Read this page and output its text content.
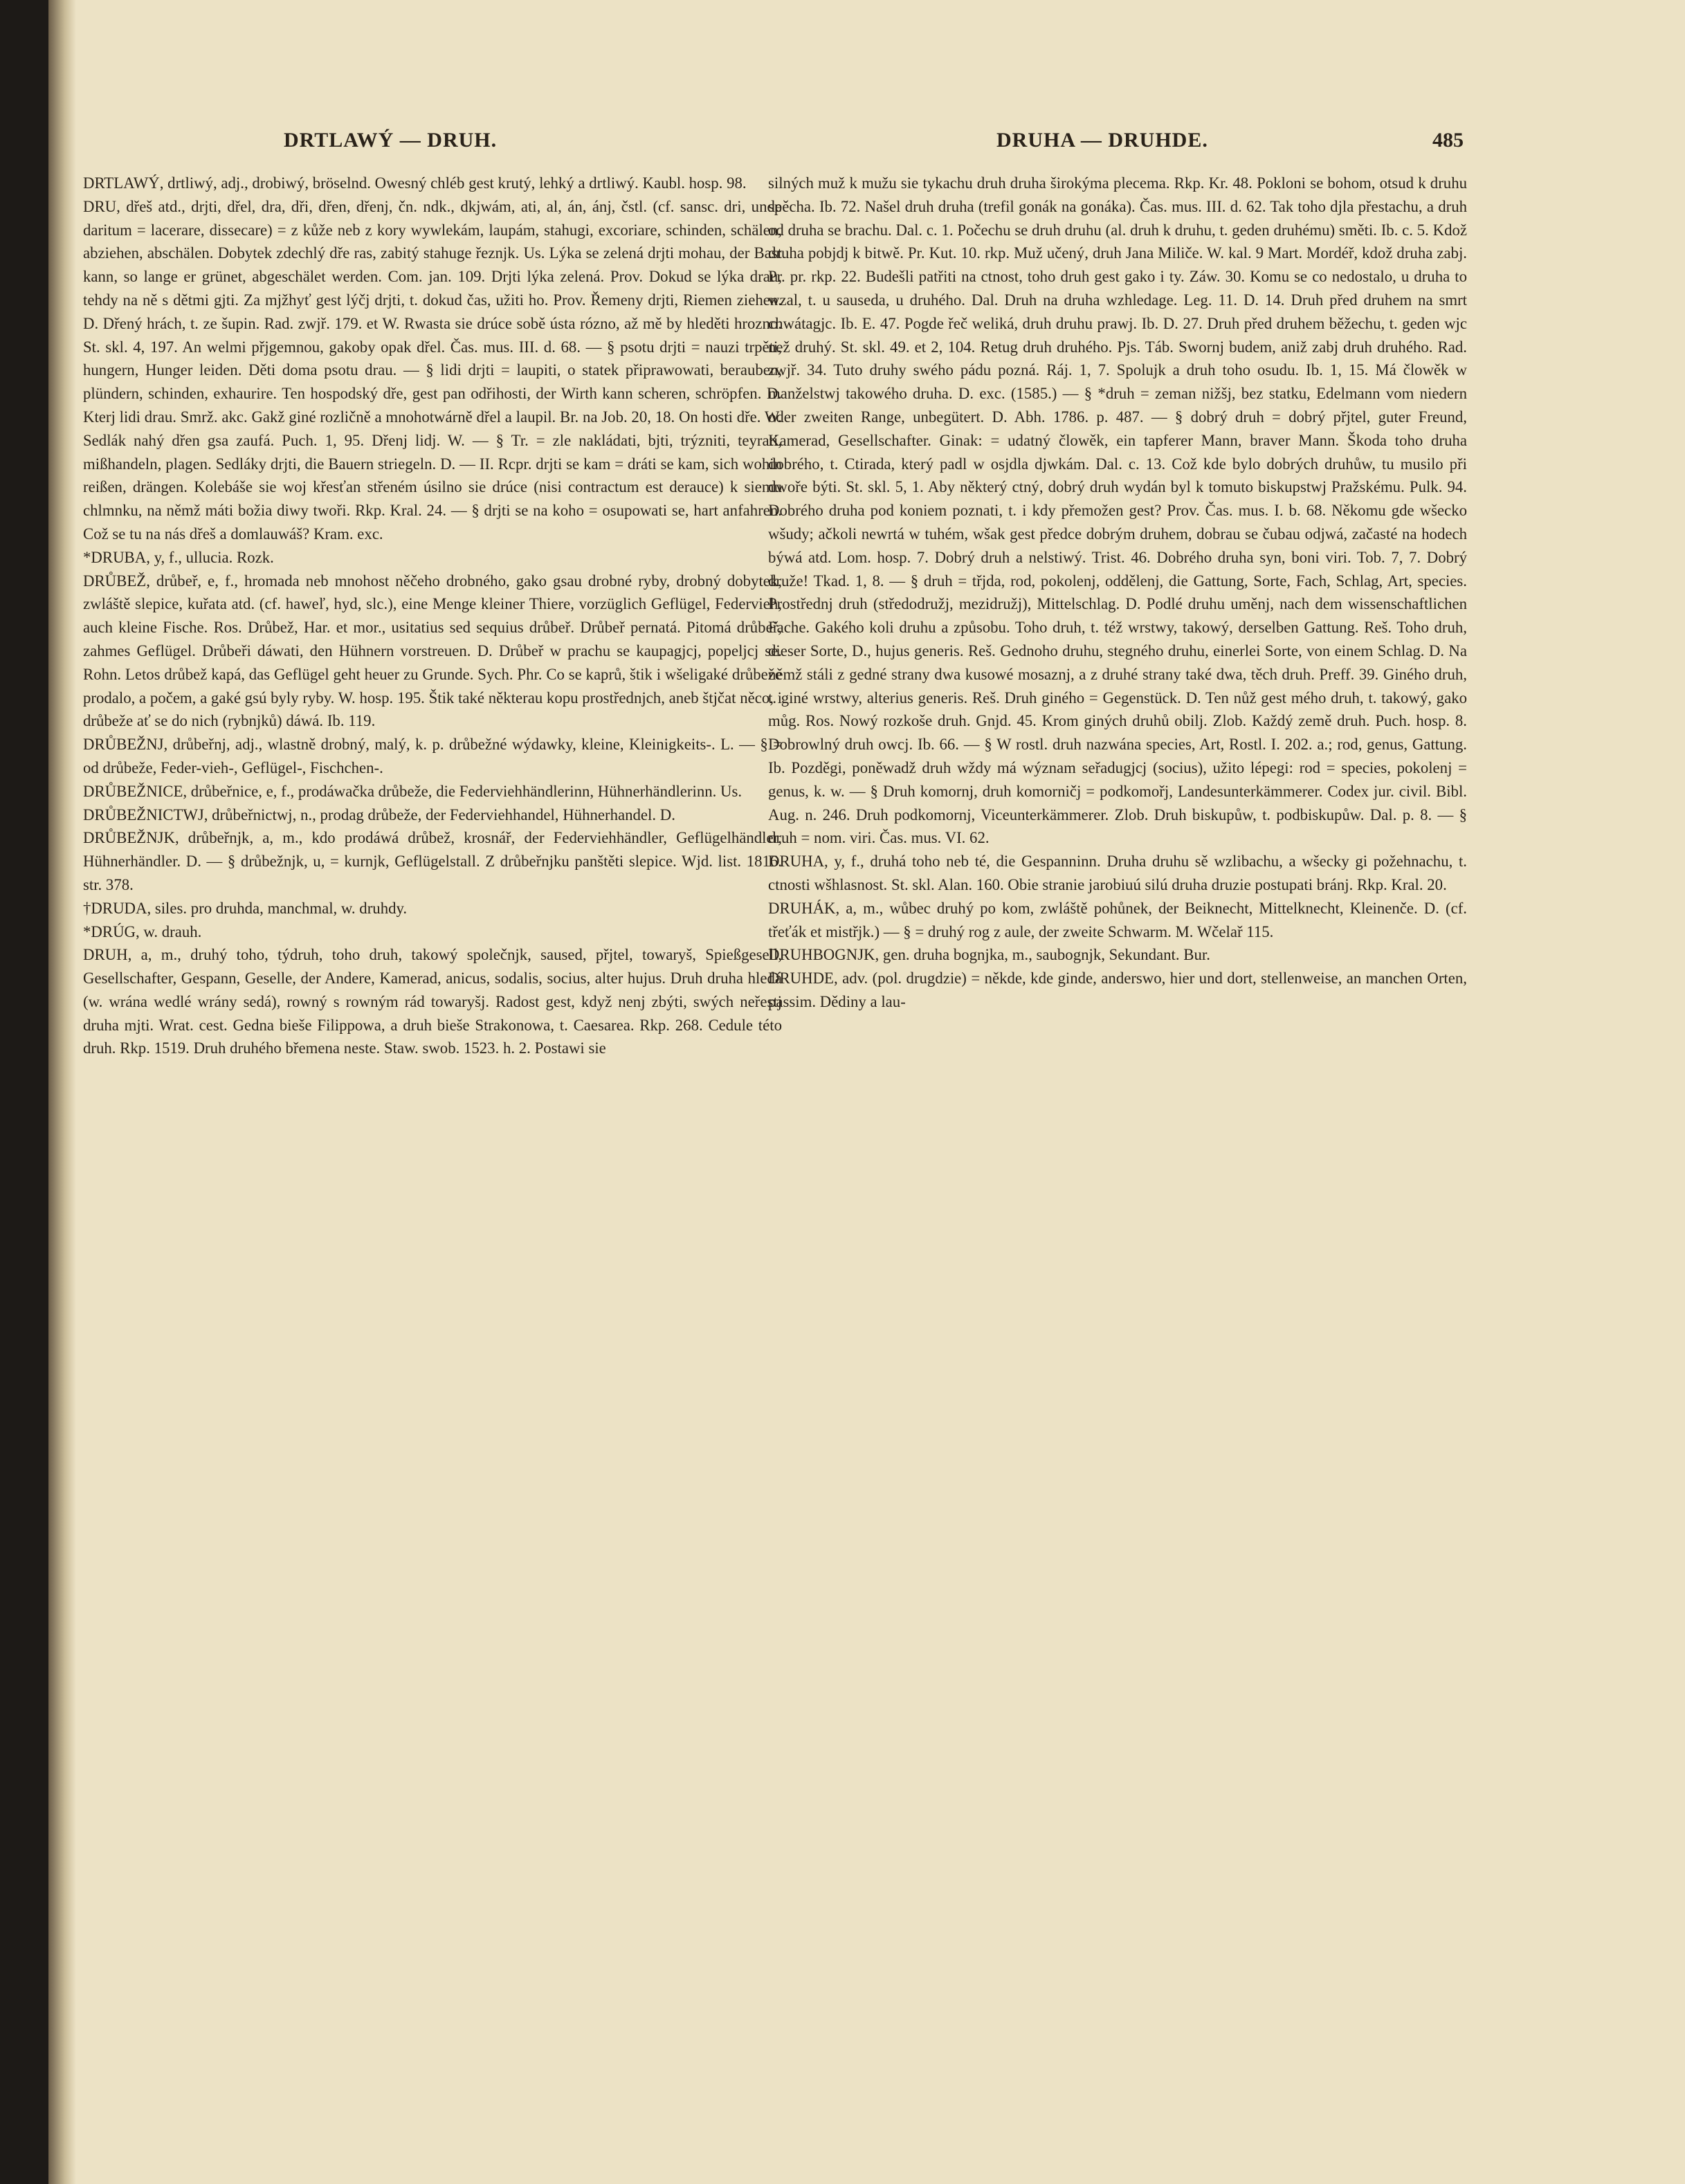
DRTLAWÝ — DRUH.	DRUHA — DRUHDE.	485

DRTLAWÝ, drtliwý, adj., drobiwý, bröselnd. Owesný chléb gest krutý, lehký a drtliwý. Kaubl. hosp. 98.

DRU, dřeš atd., drjti, dřel, dra, dři, dřen, dřenj, čn. ndk., dkjwám, ati, al, án, ánj, čstl. (cf. sansc. dri, unde daritum = lacerare, dissecare) = z kůže neb z kory wywlekám, laupám, stahugi, excoriare, schinden, schälen, abziehen, abschälen. Dobytek zdechlý dře ras, zabitý stahuge řeznjk. Us. Lýka se zelená drjti mohau, der Bast kann, so lange er grünet, abgeschälet werden. Com. jan. 109. Drjti lýka zelená. Prov. Dokud se lýka drau, tehdy na ně s dětmi gjti. Za mjžhyť gest lýčj drjti, t. dokud čas, užiti ho. Prov. Řemeny drjti, Riemen ziehen. D. Dřený hrách, t. ze šupin. Rad. zwjř. 179. et W. Rwasta sie drúce sobě ústa rózno, až mě by hleděti hrozno. St. skl. 4, 197. An welmi přjgemnou, gakoby opak dřel. Čas. mus. III. d. 68. — § psotu drjti = nauzi trpěti, hungern, Hunger leiden. Děti doma psotu drau. — § lidi drjti = laupiti, o statek připrawowati, berauben, plündern, schinden, exhaurire. Ten hospodský dře, gest pan odřihosti, der Wirth kann scheren, schröpfen. D. Kterj lidi drau. Smrž. akc. Gakž giné rozličně a mnohotwárně dřel a laupil. Br. na Job. 20, 18. On hosti dře. W. Sedlák nahý dřen gsa zaufá. Puch. 1, 95. Dřenj lidj. W. — § Tr. = zle nakládati, bjti, trýzniti, teyrati, mißhandeln, plagen. Sedláky drjti, die Bauern striegeln. D. — II. Rcpr. drjti se kam = dráti se kam, sich wohin reißen, drängen. Kolebáše sie woj křesťan střeném úsilno sie drúce (nisi contractum est derauce) k siemu chlmnku, na němž máti božia diwy twoři. Rkp. Kral. 24. — § drjti se na koho = osupowati se, hart anfahren. Což se tu na nás dřeš a domlauwáš? Kram. exc.

*DRUBA, y, f., ullucia. Rozk.

DRŮBEŽ, drůbeř, e, f., hromada neb mnohost něčeho drobného, gako gsau drobné ryby, drobný dobytek, zwláště slepice, kuřata atd. (cf. haweľ, hyd, slc.), eine Menge kleiner Thiere, vorzüglich Geflügel, Federvieh, auch kleine Fische. Ros. Drůbež, Har. et mor., usitatius sed sequius drůbeř. Drůbeř pernatá. Pitomá drůbeř, zahmes Geflügel. Drůbeři dáwati, den Hühnern vorstreuen. D. Drůbeř w prachu se kaupagjcj, popeljcj se. Rohn. Letos drůbež kapá, das Geflügel geht heuer zu Grunde. Sych. Phr. Co se kaprů, štik i wšeligaké drůbeže prodalo, a počem, a gaké gsú byly ryby. W. hosp. 195. Štik také některau kopu prostřednjch, aneb štjčat něco, i drůbeže ať se do nich (rybnjků) dáwá. Ib. 119.

DRŮBEŽNJ, drůbeřnj, adj., wlastně drobný, malý, k. p. drůbežné wýdawky, kleine, Kleinigkeits-. L. — § = od drůbeže, Feder-vieh-, Geflügel-, Fischchen-.

DRŮBEŽNICE, drůbeřnice, e, f., prodáwačka drůbeže, die Federviehhändlerinn, Hühnerhändlerinn. Us.

DRŮBEŽNICTWJ, drůbeřnictwj, n., prodag drůbeže, der Federviehhandel, Hühnerhandel. D.

DRŮBEŽNJK, drůbeřnjk, a, m., kdo prodáwá drůbež, krosnář, der Federviehhändler, Geflügelhändler, Hühnerhändler. D. — § drůbežnjk, u, = kurnjk, Geflügelstall. Z drůbeřnjku panštěti slepice. Wjd. list. 1816. str. 378.

†DRUDA, siles. pro druhda, manchmal, w. druhdy.

*DRÚG, w. drauh.

DRUH, a, m., druhý toho, týdruh, toho druh, takowý společnjk, saused, přjtel, towaryš, Spießgesell, Gesellschafter, Gespann, Geselle, der Andere, Kamerad, anicus, sodalis, socius, alter hujus. Druh druha hledá (w. wrána wedlé wrány sedá), rowný s rowným rád towaryšj. Radost gest, když nenj zbýti, swých neřestj druha mjti. Wrat. cest. Gedna bieše Filippowa, a druh bieše Strakonowa, t. Caesarea. Rkp. 268. Cedule této druh. Rkp. 1519. Druh druhého břemena neste. Staw. swob. 1523. h. 2. Postawi sie

silných muž k mužu sie tykachu druh druha širokýma plecema. Rkp. Kr. 48. Pokloni se bohom, otsud k druhu spěcha. Ib. 72. Našel druh druha (trefil gonák na gonáka). Čas. mus. III. d. 62. Tak toho djla přestachu, a druh od druha se brachu. Dal. c. 1. Počechu se druh druhu (al. druh k druhu, t. geden druhému) směti. Ib. c. 5. Kdož druha pobjdj k bitwě. Pr. Kut. 10. rkp. Muž učený, druh Jana Miliče. W. kal. 9 Mart. Mordéř, kdož druha zabj. Pr. pr. rkp. 22. Budešli patřiti na ctnost, toho druh gest gako i ty. Záw. 30. Komu se co nedostalo, u druha to wzal, t. u sauseda, u druhého. Dal. Druh na druha wzhledage. Leg. 11. D. 14. Druh před druhem na smrt chwátagjc. Ib. E. 47. Pogde řeč weliká, druh druhu prawj. Ib. D. 27. Druh před druhem běžechu, t. geden wjc než druhý. St. skl. 49. et 2, 104. Retug druh druhého. Pjs. Táb. Swornj budem, aniž zabj druh druhého. Rad. zwjř. 34. Tuto druhy swého pádu pozná. Ráj. 1, 7. Spolujk a druh toho osudu. Ib. 1, 15. Má člowěk w manželstwj takowého druha. D. exc. (1585.) — § *druh = zeman nižšj, bez statku, Edelmann vom niedern oder zweiten Range, unbegütert. D. Abh. 1786. p. 487. — § dobrý druh = dobrý přjtel, guter Freund, Kamerad, Gesellschafter. Ginak: = udatný člowěk, ein tapferer Mann, braver Mann. Škoda toho druha dobrého, t. Ctirada, který padl w osjdla djwkám. Dal. c. 13. Což kde bylo dobrých druhůw, tu musilo při dwoře býti. St. skl. 5, 1. Aby některý ctný, dobrý druh wydán byl k tomuto biskupstwj Pražskému. Pulk. 94. Dobrého druha pod koniem poznati, t. i kdy přemožen gest? Prov. Čas. mus. I. b. 68. Někomu gde wšecko wšudy; ačkoli newrtá w tuhém, wšak gest předce dobrým druhem, dobrau se čubau odjwá, začasté na hodech býwá atd. Lom. hosp. 7. Dobrý druh a nelstiwý. Trist. 46. Dobrého druha syn, boni viri. Tob. 7, 7. Dobrý druže! Tkad. 1, 8. — § druh = třjda, rod, pokolenj, oddělenj, die Gattung, Sorte, Fach, Schlag, Art, species. Prostřednj druh (středodružj, mezidružj), Mittelschlag. D. Podlé druhu uměnj, nach dem wissenschaftlichen Fache. Gakého koli druhu a způsobu. Toho druh, t. též wrstwy, takowý, derselben Gattung. Reš. Toho druh, dieser Sorte, D., hujus generis. Reš. Gednoho druhu, stegného druhu, einerlei Sorte, von einem Schlag. D. Na němž stáli z gedné strany dwa kusowé mosaznj, a z druhé strany také dwa, těch druh. Preff. 39. Giného druh, t. giné wrstwy, alterius generis. Reš. Druh giného = Gegenstück. D. Ten nůž gest mého druh, t. takowý, gako můg. Ros. Nowý rozkoše druh. Gnjd. 45. Krom giných druhů obilj. Zlob. Každý země druh. Puch. hosp. 8. Dobrowlný druh owcj. Ib. 66. — § W rostl. druh nazwána species, Art, Rostl. I. 202. a.; rod, genus, Gattung. Ib. Pozděgi, poněwadž druh wždy má wýznam seřadugjcj (socius), užito lépegi: rod = species, pokolenj = genus, k. w. — § Druh komornj, druh komorničj = podkomořj, Landesunterkämmerer. Codex jur. civil. Bibl. Aug. n. 246. Druh podkomornj, Viceunterkämmerer. Zlob. Druh biskupůw, t. podbiskupůw. Dal. p. 8. — § druh = nom. viri. Čas. mus. VI. 62.

DRUHA, y, f., druhá toho neb té, die Gespanninn. Druha druhu sě wzlibachu, a wšecky gi požehnachu, t. ctnosti wšhlasnost. St. skl. Alan. 160. Obie stranie jarobiuú silú druha druzie postupati bránj. Rkp. Kral. 20.

DRUHÁK, a, m., wůbec druhý po kom, zwláště pohůnek, der Beiknecht, Mittelknecht, Kleinenče. D. (cf. třeťák et mistřjk.) — § = druhý rog z aule, der zweite Schwarm. M. Wčelař 115.

DRUHBOGNJK, gen. druha bognjka, m., saubognjk, Sekundant. Bur.

DRUHDE, adv. (pol. drugdzie) = někde, kde ginde, anderswo, hier und dort, stellenweise, an manchen Orten, passim. Dědiny a lau-
